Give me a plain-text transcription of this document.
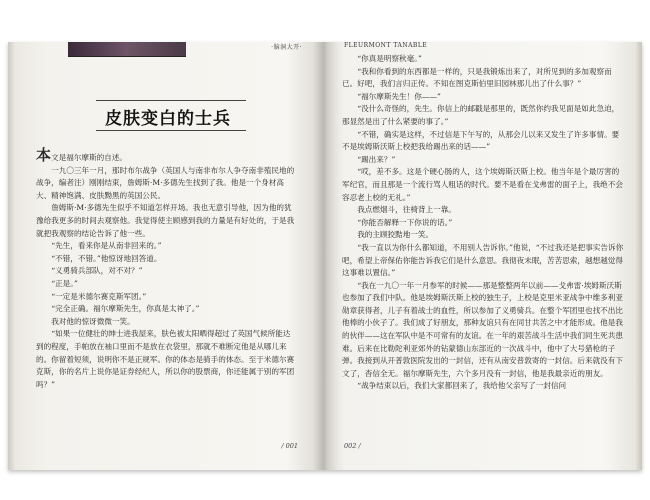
·脑洞大开·
皮肤变白的士兵

本文是福尔摩斯的自述。

一九〇三年一月，那时布尔战争（英国人与南非布尔人争夺南非殖民地的战争，编者注）刚刚结束，詹姆斯·M·多德先生找到了我。他是一个身材高大、精神饱满、皮肤黝黑的英国公民。

詹姆斯·M·多德先生似乎不知道怎样开场。我也无意引导他，因为他的犹豫给我更多的时间去观察他。我觉得使主顾感到我的力量是有好处的，于是我就把我观察的结论告诉了他一些。

“先生，看来你是从南非回来的。”

“不错，不错。”他惊讶地回答道。

“义勇骑兵部队，对不对？”

“正是。”

“一定是米德尔赛克斯军团。”

“完全正确。福尔摩斯先生，你真是太神了。”

我对他的惊讶微微一笑。

“如果一位健壮的绅士进我屋来，肤色被太阳晒得超过了英国气候所能达到的程度，手帕放在袖口里而不是放在衣袋里，那就不难断定他是从哪儿来的。你留着短须，说明你不是正规军。你的体态是骑手的体态。至于米德尔赛克斯，你的名片上说你是证券经纪人，所以你的股票商，你还能属于别的军团吗？”

/ 001
FLEURMONT TANABLE

“你真是明察秋毫。”

“我和你看到的东西都是一样的，只是我锻炼出来了，对所见到的多加观察而已。好吧，我们言归正传。不知在图克斯伯里旧园林那儿出了什么事？”

“福尔摩斯先生！你——”

“没什么奇怪的，先生。你信上的邮戳是那里的，既然你约我见面是如此急迫，那显然是出了什么紧要的事了。”

“不错，确实是这样，不过信是下午写的，从那会儿以来又发生了许多事情。要不是埃姆斯沃斯上校把我给踢出来的话——”

“踢出来？”

“哎，差不多。这是个硬心肠的人，这个埃姆斯沃斯上校。他当年是个最厉害的军纪官，而且那是一个流行骂人粗话的时代。要不是看在戈弗雷的面子上，我绝不会容忍老上校的无礼。”

我点燃烟斗，往椅背上一靠。

“你能否解释一下你说的话。”

我的主顾狡黠地一笑。

“我一直以为你什么都知道，不用别人告诉你。”他说，“不过我还是把事实告诉你吧，希望上帝保佑你能告诉我它们是什么意思。我彻夜未眠，苦苦思索，越想越觉得这事难以置信。”

“我在一九〇一年一月参军的时候——那是整整两年以前——戈弗雷·埃姆斯沃斯也参加了我们中队。他是埃姆斯沃斯上校的独生子，上校是克里米亚战争中维多利亚勋章获得者，儿子有着战士的血性，所以参加了义勇骑兵。在整个军团里也找不出比他棒的小伙子了。我们成了好朋友，那种友谊只有在同甘共苦之中才能形成。他是我的伙伴——这在军队中是不可常有的友谊。在一年的艰苦战斗生活中我们同生死共患难。后来在比勒陀利亚郊外的钻蒙德山东部近的一次战斗中，他中了大号猎枪的子弹。我接到从开普敦医院发出的一封信，还有从南安普敦寄的一封信。后来就没有下文了，杳信全无。福尔摩斯先生，六个多月没有一封信，他是我最亲近的朋友。

“战争结束以后，我们大家都回来了，我给他父亲写了一封信问

002 /
